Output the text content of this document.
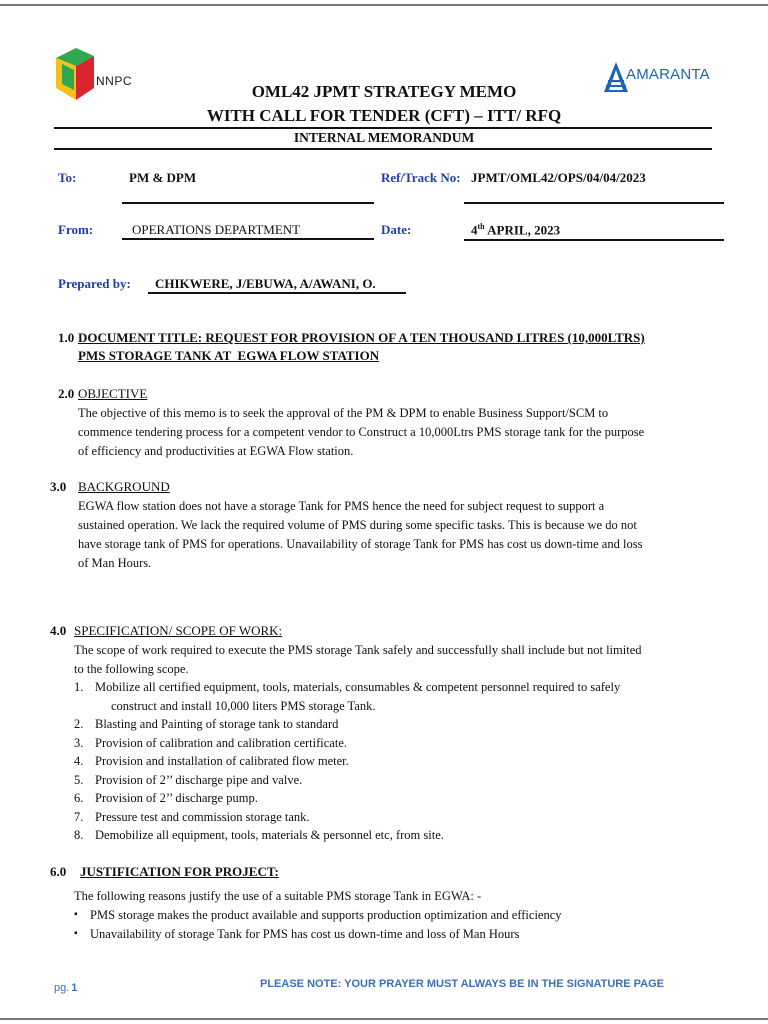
NNPC	AMARANTA
OML42 JPMT STRATEGY MEMO
WITH CALL FOR TENDER (CFT) – ITT/ RFQ
INTERNAL MEMORANDUM
To:	PM & DPM	Ref/Track No: JPMT/OML42/OPS/04/04/2023
From:	OPERATIONS DEPARTMENT	Date:	4th APRIL, 2023
Prepared by: CHIKWERE, J/EBUWA, A/AWANI, O.
1.0 DOCUMENT TITLE: REQUEST FOR PROVISION OF A TEN THOUSAND LITRES (10,000LTRS)
PMS STORAGE TANK AT  EGWA FLOW STATION
2.0 OBJECTIVE
The objective of this memo is to seek the approval of the PM & DPM to enable Business Support/SCM to
commence tendering process for a competent vendor to Construct a 10,000Ltrs PMS storage tank for the purpose
of efficiency and productivities at EGWA Flow station.
3.0 BACKGROUND
EGWA flow station does not have a storage Tank for PMS hence the need for subject request to support a
sustained operation. We lack the required volume of PMS during some specific tasks. This is because we do not
have storage tank of PMS for operations. Unavailability of storage Tank for PMS has cost us down-time and loss
of Man Hours.
4.0 SPECIFICATION/ SCOPE OF WORK:
The scope of work required to execute the PMS storage Tank safely and successfully shall include but not limited
to the following scope.
1. Mobilize all certified equipment, tools, materials, consumables & competent personnel required to safely
construct and install 10,000 liters PMS storage Tank.
2. Blasting and Painting of storage tank to standard
3. Provision of calibration and calibration certificate.
4. Provision and installation of calibrated flow meter.
5. Provision of 2’’ discharge pipe and valve.
6. Provision of 2’’ discharge pump.
7. Pressure test and commission storage tank.
8. Demobilize all equipment, tools, materials & personnel etc, from site.
6.0 JUSTIFICATION FOR PROJECT:
The following reasons justify the use of a suitable PMS storage Tank in EGWA: -
▪ PMS storage makes the product available and supports production optimization and efficiency
▪ Unavailability of storage Tank for PMS has cost us down-time and loss of Man Hours
pg. 1	PLEASE NOTE: YOUR PRAYER MUST ALWAYS BE IN THE SIGNATURE PAGE
